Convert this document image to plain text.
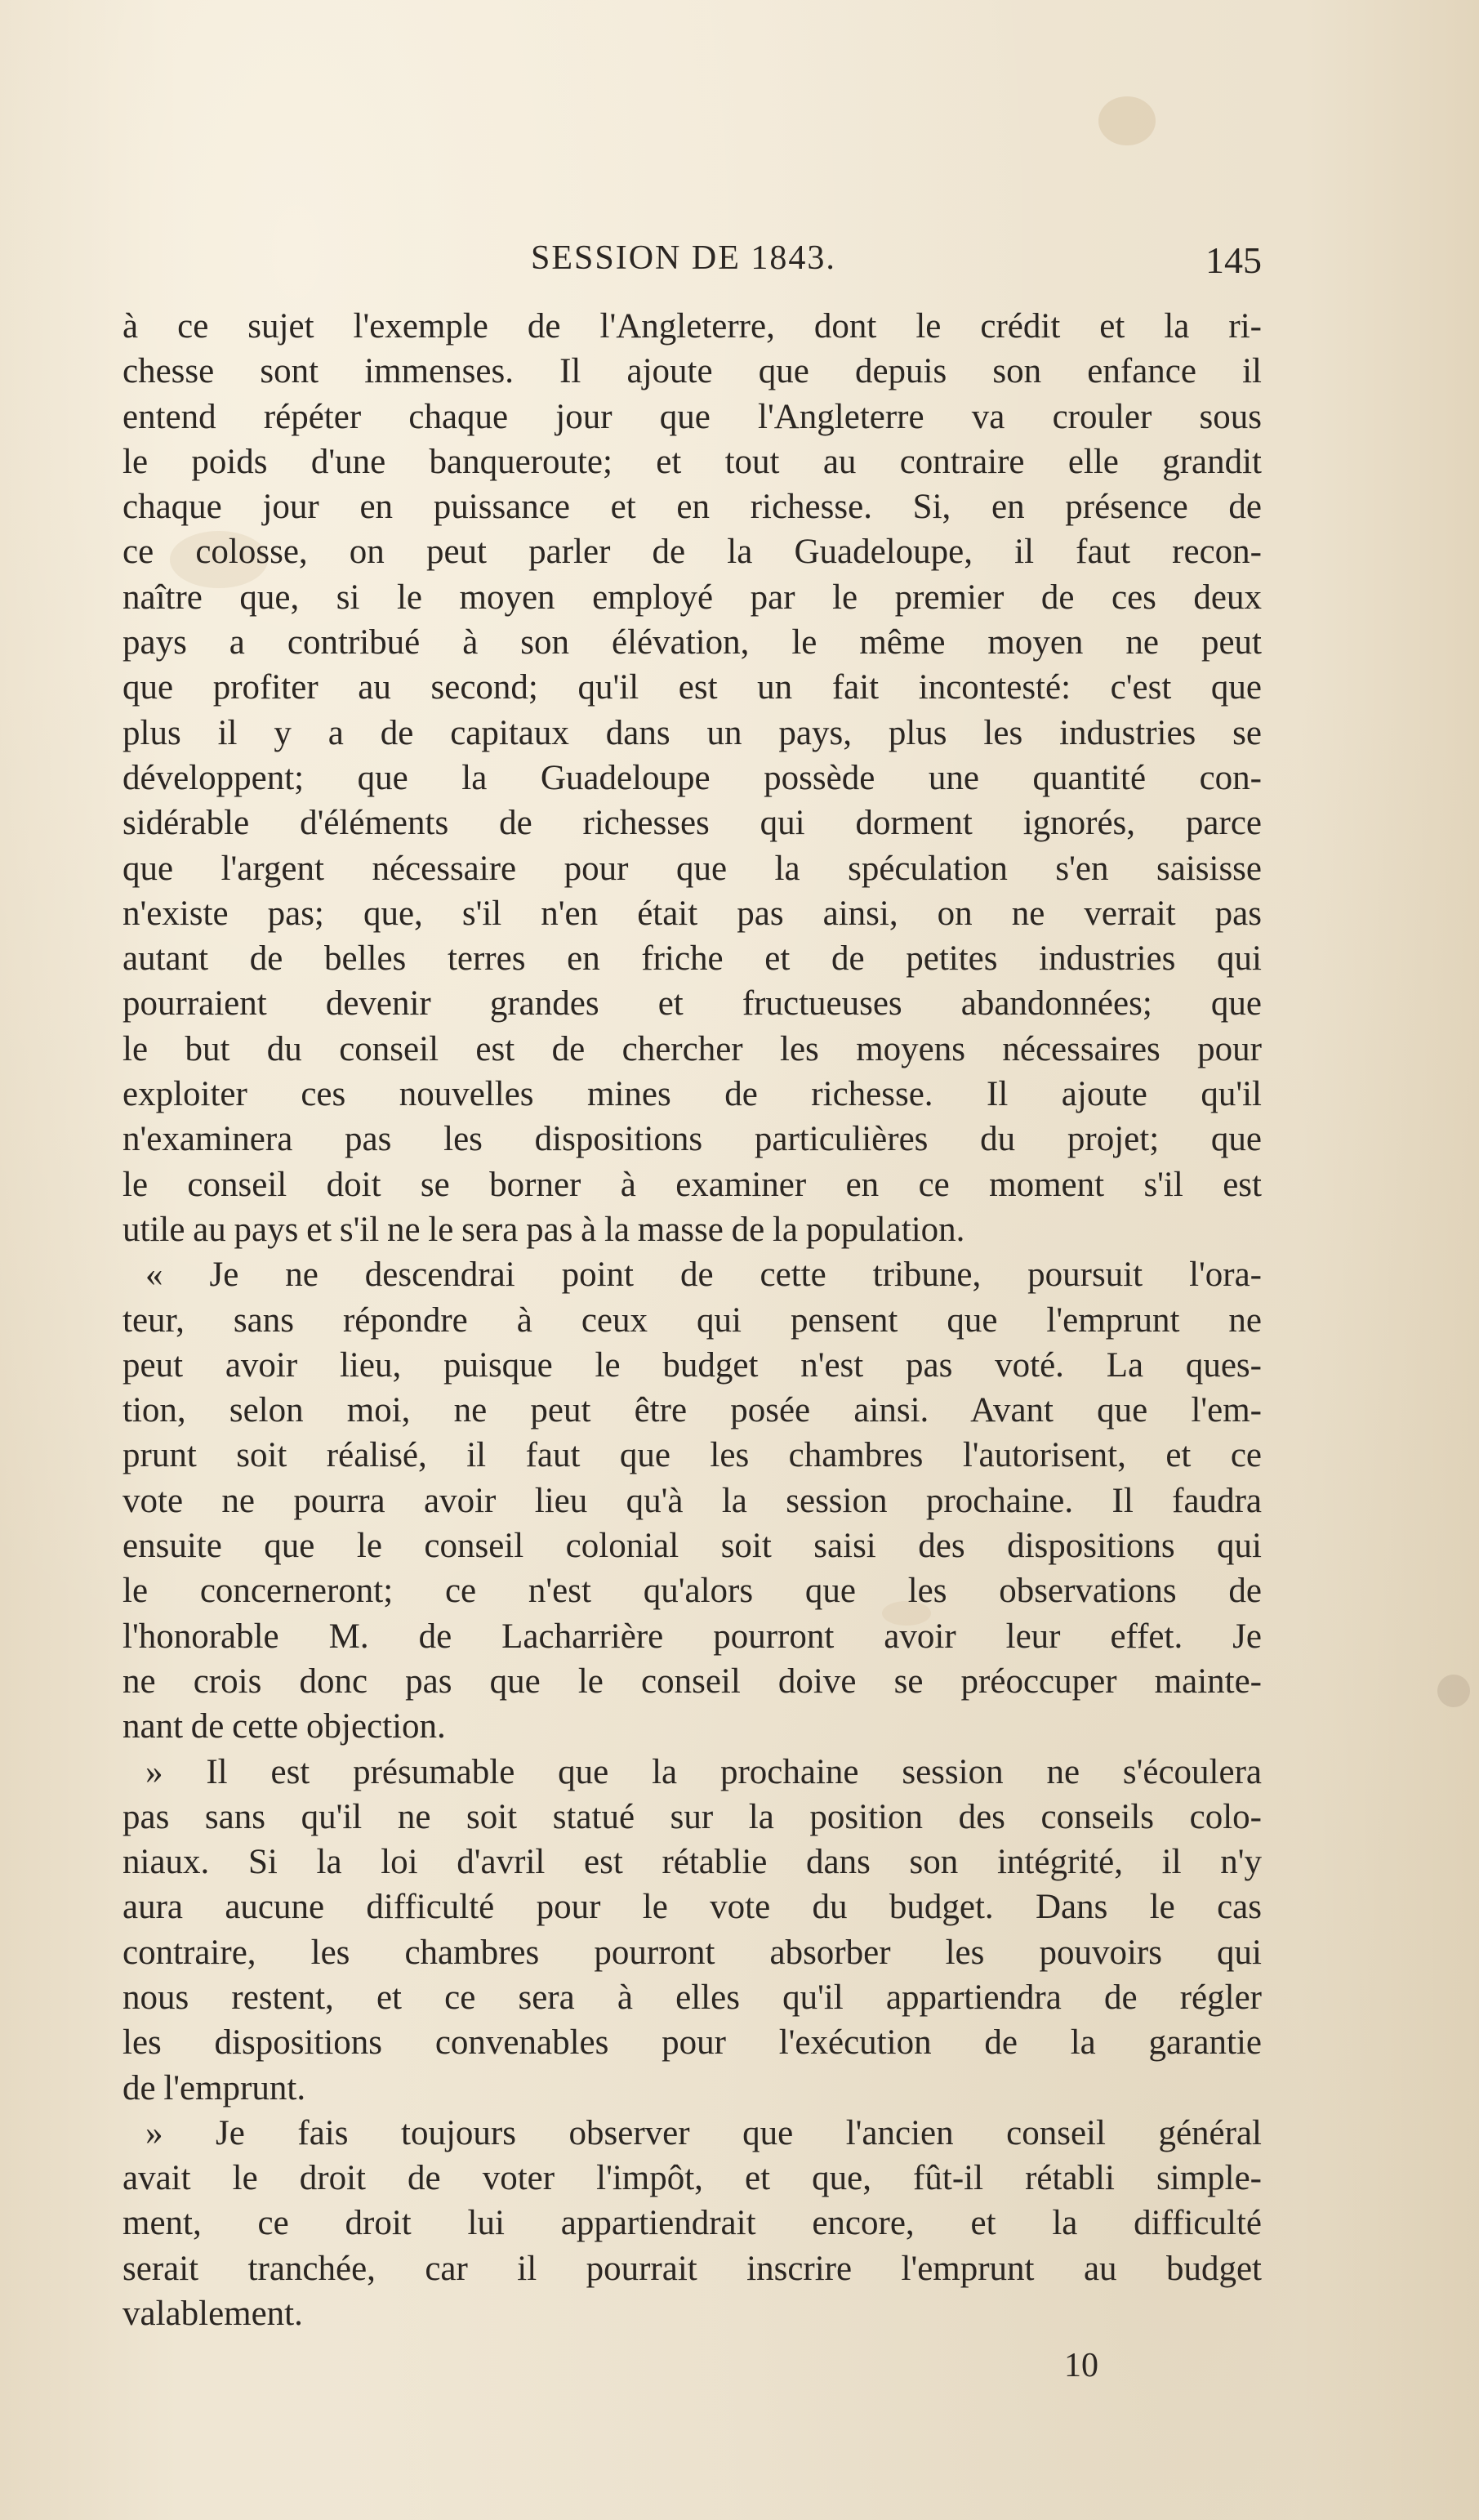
SESSION DE 1843.	145
à ce sujet l'exemple de l'Angleterre, dont le crédit et la ri-
chesse sont immenses. Il ajoute que depuis son enfance il
entend répéter chaque jour que l'Angleterre va crouler sous
le poids d'une banqueroute; et tout au contraire elle grandit
chaque jour en puissance et en richesse. Si, en présence de
ce colosse, on peut parler de la Guadeloupe, il faut recon-
naître que, si le moyen employé par le premier de ces deux
pays a contribué à son élévation, le même moyen ne peut
que profiter au second; qu'il est un fait incontesté: c'est que
plus il y a de capitaux dans un pays, plus les industries se
développent; que la Guadeloupe possède une quantité con-
sidérable d'éléments de richesses qui dorment ignorés, parce
que l'argent nécessaire pour que la spéculation s'en saisisse
n'existe pas; que, s'il n'en était pas ainsi, on ne verrait pas
autant de belles terres en friche et de petites industries qui
pourraient devenir grandes et fructueuses abandonnées; que
le but du conseil est de chercher les moyens nécessaires pour
exploiter ces nouvelles mines de richesse. Il ajoute qu'il
n'examinera pas les dispositions particulières du projet; que
le conseil doit se borner à examiner en ce moment s'il est
utile au pays et s'il ne le sera pas à la masse de la population.
« Je ne descendrai point de cette tribune, poursuit l'ora-
teur, sans répondre à ceux qui pensent que l'emprunt ne
peut avoir lieu, puisque le budget n'est pas voté. La ques-
tion, selon moi, ne peut être posée ainsi. Avant que l'em-
prunt soit réalisé, il faut que les chambres l'autorisent, et ce
vote ne pourra avoir lieu qu'à la session prochaine. Il faudra
ensuite que le conseil colonial soit saisi des dispositions qui
le concerneront; ce n'est qu'alors que les observations de
l'honorable M. de Lacharrière pourront avoir leur effet. Je
ne crois donc pas que le conseil doive se préoccuper mainte-
nant de cette objection.
» Il est présumable que la prochaine session ne s'écoulera
pas sans qu'il ne soit statué sur la position des conseils colo-
niaux. Si la loi d'avril est rétablie dans son intégrité, il n'y
aura aucune difficulté pour le vote du budget. Dans le cas
contraire, les chambres pourront absorber les pouvoirs qui
nous restent, et ce sera à elles qu'il appartiendra de régler
les dispositions convenables pour l'exécution de la garantie
de l'emprunt.
» Je fais toujours observer que l'ancien conseil général
avait le droit de voter l'impôt, et que, fût-il rétabli simple-
ment, ce droit lui appartiendrait encore, et la difficulté
serait tranchée, car il pourrait inscrire l'emprunt au budget
valablement.
10
